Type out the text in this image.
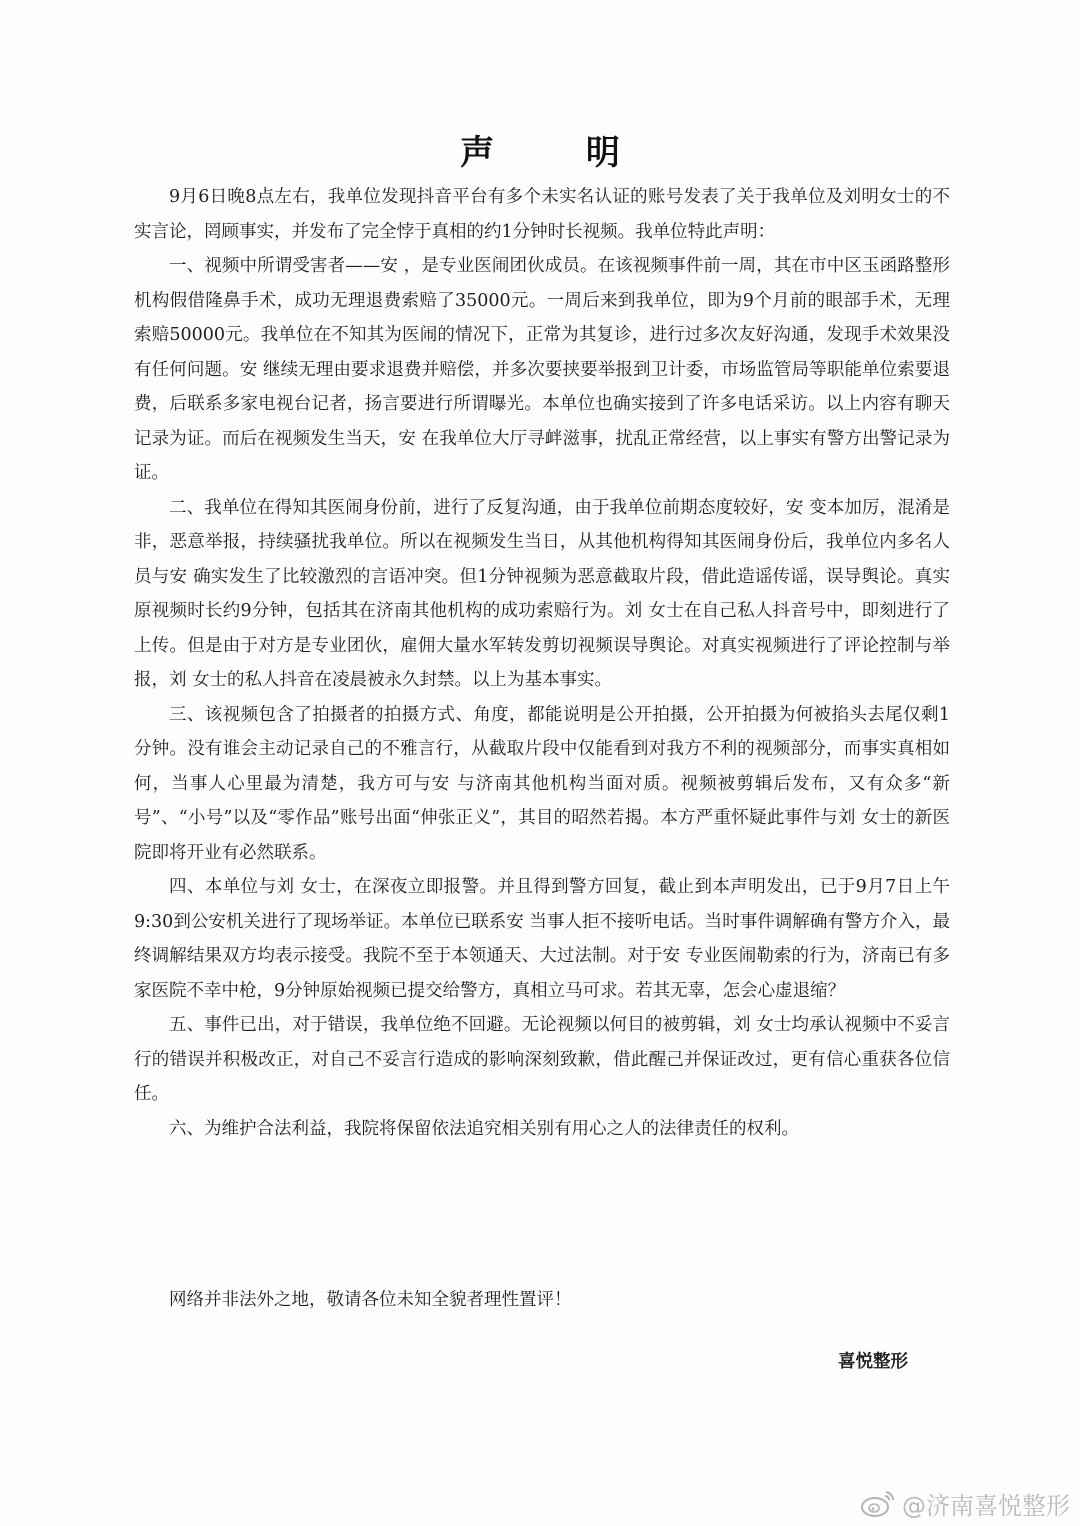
声 明

9月6日晚8点左右，我单位发现抖音平台有多个未实名认证的账号发表了关于我单位及刘明女士的不实言论，罔顾事实，并发布了完全悖于真相的约1分钟时长视频。我单位特此声明：

一、视频中所谓受害者——安 ，是专业医闹团伙成员。在该视频事件前一周，其在市中区玉函路整形机构假借隆鼻手术，成功无理退费索赔了35000元。一周后来到我单位，即为9个月前的眼部手术，无理索赔50000元。我单位在不知其为医闹的情况下，正常为其复诊，进行过多次友好沟通，发现手术效果没有任何问题。安 继续无理由要求退费并赔偿，并多次要挟要举报到卫计委，市场监管局等职能单位索要退费，后联系多家电视台记者，扬言要进行所谓曝光。本单位也确实接到了许多电话采访。以上内容有聊天记录为证。而后在视频发生当天，安 在我单位大厅寻衅滋事，扰乱正常经营，以上事实有警方出警记录为证。

二、我单位在得知其医闹身份前，进行了反复沟通，由于我单位前期态度较好，安 变本加厉，混淆是非，恶意举报，持续骚扰我单位。所以在视频发生当日，从其他机构得知其医闹身份后，我单位内多名人员与安 确实发生了比较激烈的言语冲突。但1分钟视频为恶意截取片段，借此造谣传谣，误导舆论。真实原视频时长约9分钟，包括其在济南其他机构的成功索赔行为。刘 女士在自己私人抖音号中，即刻进行了上传。但是由于对方是专业团伙，雇佣大量水军转发剪切视频误导舆论。对真实视频进行了评论控制与举报，刘 女士的私人抖音在凌晨被永久封禁。以上为基本事实。

三、该视频包含了拍摄者的拍摄方式、角度，都能说明是公开拍摄，公开拍摄为何被掐头去尾仅剩1分钟。没有谁会主动记录自己的不雅言行，从截取片段中仅能看到对我方不利的视频部分，而事实真相如何，当事人心里最为清楚，我方可与安 与济南其他机构当面对质。视频被剪辑后发布，又有众多“新号”、“小号”以及“零作品”账号出面“伸张正义”，其目的昭然若揭。本方严重怀疑此事件与刘 女士的新医院即将开业有必然联系。

四、本单位与刘 女士，在深夜立即报警。并且得到警方回复，截止到本声明发出，已于9月7日上午9:30到公安机关进行了现场举证。本单位已联系安 当事人拒不接听电话。当时事件调解确有警方介入，最终调解结果双方均表示接受。我院不至于本领通天、大过法制。对于安 专业医闹勒索的行为，济南已有多家医院不幸中枪，9分钟原始视频已提交给警方，真相立马可求。若其无辜，怎会心虚退缩？

五、事件已出，对于错误，我单位绝不回避。无论视频以何目的被剪辑，刘 女士均承认视频中不妥言行的错误并积极改正，对自己不妥言行造成的影响深刻致歉，借此醒己并保证改过，更有信心重获各位信任。

六、为维护合法利益，我院将保留依法追究相关别有用心之人的法律责任的权利。

网络并非法外之地，敬请各位未知全貌者理性置评！
喜悦整形
@济南喜悦整形
